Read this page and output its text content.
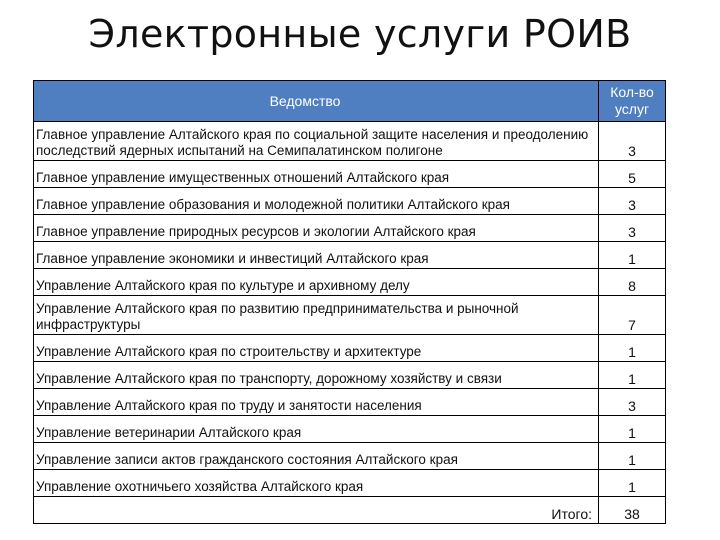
Электронные услуги РОИВ
Ведомство	Кол-во услуг
Главное управление Алтайского края по социальной защите населения и преодолению последствий ядерных испытаний на Семипалатинском полигоне	3
Главное управление имущественных отношений Алтайского края	5
Главное управление образования и молодежной политики Алтайского края	3
Главное управление природных ресурсов и экологии Алтайского края	3
Главное управление экономики и инвестиций Алтайского края	1
Управление Алтайского края по культуре и архивному делу	8
Управление Алтайского края по развитию предпринимательства и рыночной инфраструктуры	7
Управление Алтайского края по строительству и архитектуре	1
Управление Алтайского края по транспорту, дорожному хозяйству и связи	1
Управление Алтайского края по труду и занятости населения	3
Управление ветеринарии Алтайского края	1
Управление записи актов гражданского состояния Алтайского края	1
Управление охотничьего хозяйства Алтайского края	1
Итого:	38
